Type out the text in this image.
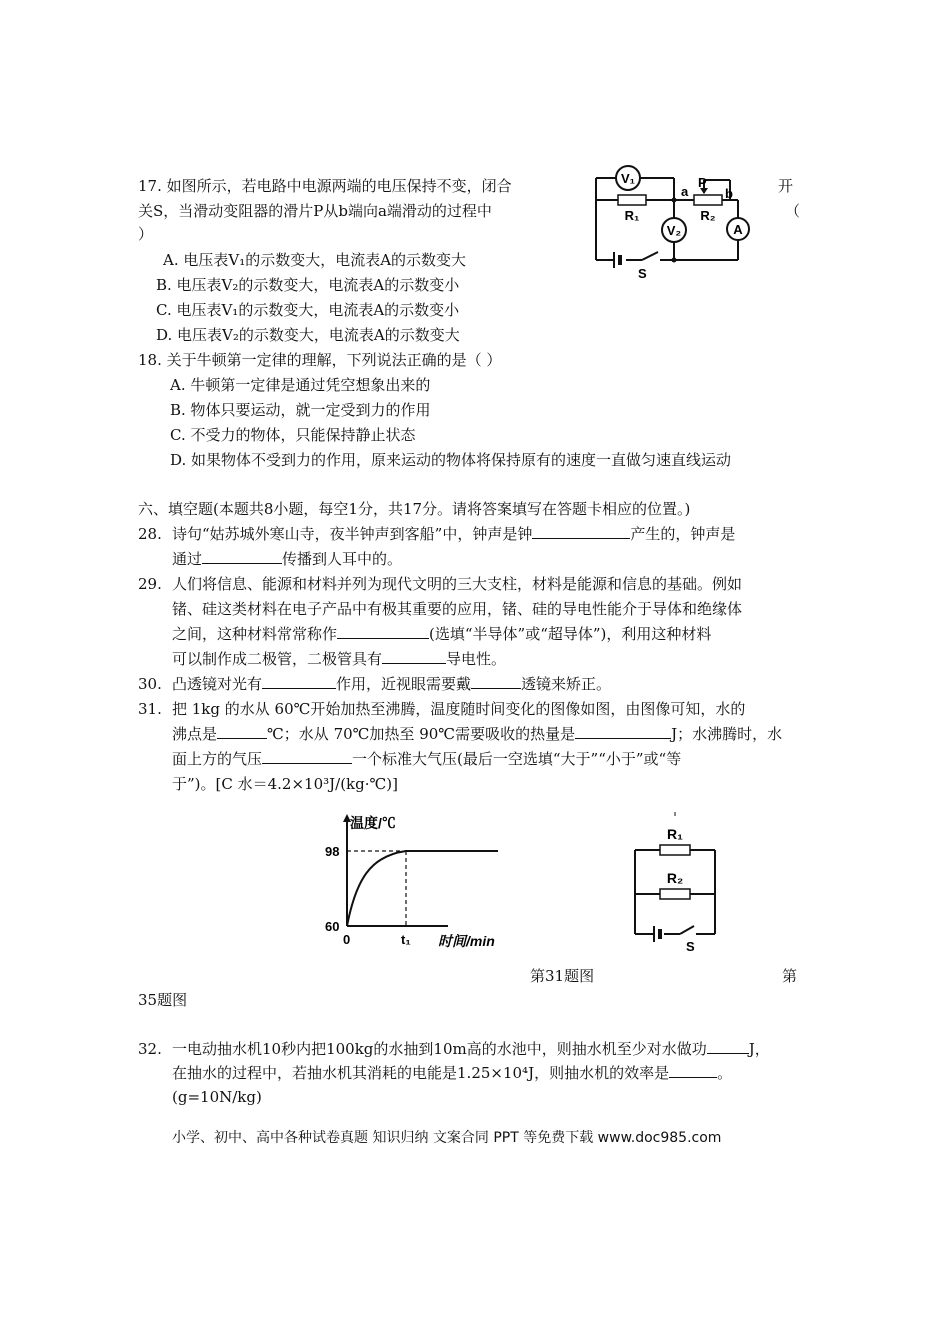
17. 如图所示，若电路中电源两端的电压保持不变，闭合	开
关S，当滑动变阻器的滑片P从b端向a端滑动的过程中	（
）
A. 电压表V₁的示数变大，电流表A的示数变大
B. 电压表V₂的示数变大，电流表A的示数变小
C. 电压表V₁的示数变大，电流表A的示数变小
D. 电压表V₂的示数变大，电流表A的示数变大
V₁
V₂	A
R₁	R₂
a	b
P
S
18. 关于牛顿第一定律的理解，下列说法正确的是（ ）
A. 牛顿第一定律是通过凭空想象出来的
B. 物体只要运动，就一定受到力的作用
C. 不受力的物体，只能保持静止状态
D. 如果物体不受到力的作用，原来运动的物体将保持原有的速度一直做匀速直线运动
六、填空题(本题共8小题，每空1分，共17分。请将答案填写在答题卡相应的位置。)
28. 诗句“姑苏城外寒山寺，夜半钟声到客船”中，钟声是钟	产生的，钟声是
通过	传播到人耳中的。
29. 人们将信息、能源和材料并列为现代文明的三大支柱，材料是能源和信息的基础。例如
锗、硅这类材料在电子产品中有极其重要的应用，锗、硅的导电性能介于导体和绝缘体
之间，这种材料常常称作	(选填“半导体”或“超导体”)，利用这种材料
可以制作成二极管，二极管具有	导电性。
30. 凸透镜对光有	作用，近视眼需要戴	透镜来矫正。
31. 把 1kg 的水从 60℃开始加热至沸腾，温度随时间变化的图像如图，由图像可知，水的
沸点是	℃；水从 70℃加热至 90℃需要吸收的热量是	J；水沸腾时，水
面上方的气压	一个标准大气压(最后一空选填“大于”“小于”或“等
于”)。[C 水＝4.2×10³J/(kg·℃)]
温度/℃
98
60
0	t₁ 时间/min
R₁
R₂
S
第31题图	第
35题图
32. 一电动抽水机10秒内把100kg的水抽到10m高的水池中，则抽水机至少对水做功	J，
在抽水的过程中，若抽水机其消耗的电能是1.25×10⁴J，则抽水机的效率是	。
(g=10N/kg)
小学、初中、高中各种试卷真题 知识归纳 文案合同 PPT 等免费下载 www.doc985.com
